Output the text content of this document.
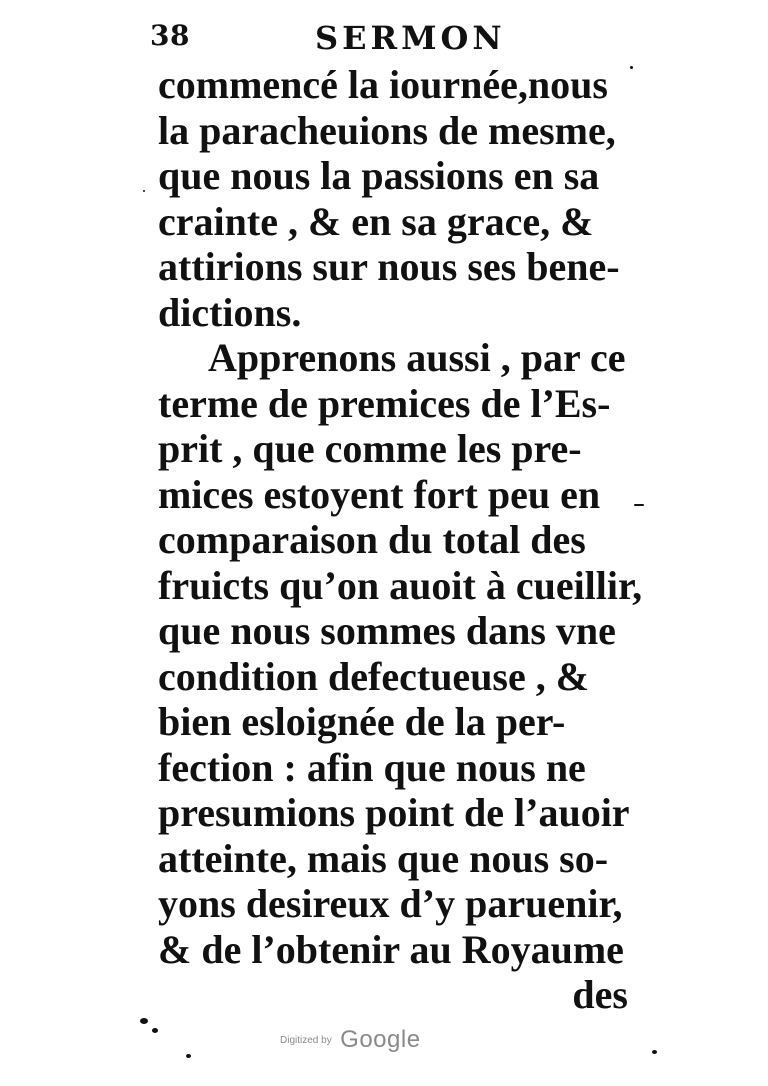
38	SERMON
commencé la iournée,nous
la paracheuions de mesme,
que nous la passions en sa
crainte , & en sa grace, &
attirions sur nous ses bene-
dictions.
Apprenons aussi , par ce
terme de premices de l’Es-
prit , que comme les pre-
mices estoyent fort peu en
comparaison du total des
fruicts qu’on auoit à cueillir,
que nous sommes dans vne
condition defectueuse , &
bien esloignée de la per-
fection : afin que nous ne
presumions point de l’auoir
atteinte, mais que nous so-
yons desireux d’y paruenir,
& de l’obtenir au Royaume
des
Digitized by Google
